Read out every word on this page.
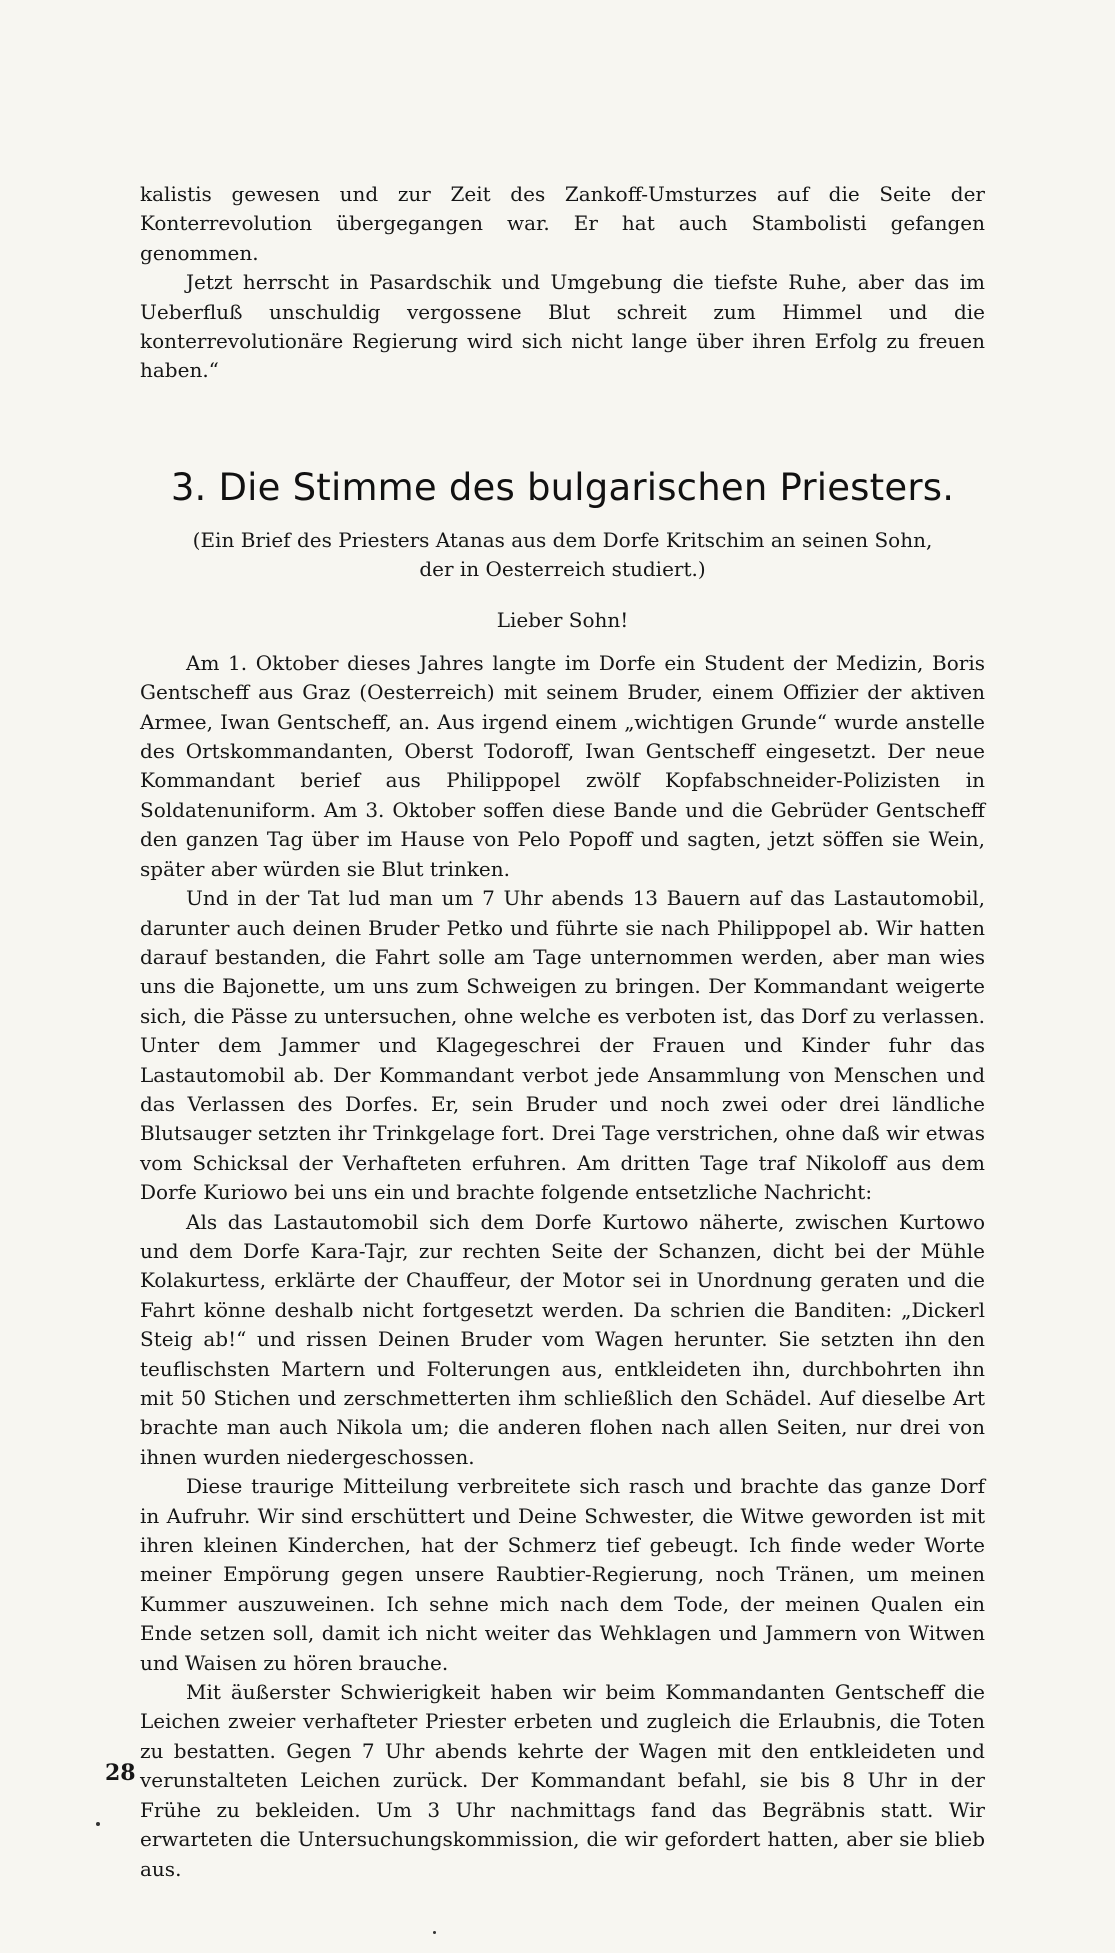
kalistis gewesen und zur Zeit des Zankoff-Umsturzes auf die Seite der Konterrevolution übergegangen war. Er hat auch Stambolisti gefangen genommen.

Jetzt herrscht in Pasardschik und Umgebung die tiefste Ruhe, aber das im Ueberfluß unschuldig vergossene Blut schreit zum Himmel und die konterrevolutionäre Regierung wird sich nicht lange über ihren Erfolg zu freuen haben.“

3. Die Stimme des bulgarischen Priesters.
(Ein Brief des Priesters Atanas aus dem Dorfe Kritschim an seinen Sohn,
der in Oesterreich studiert.)
Lieber Sohn!

Am 1. Oktober dieses Jahres langte im Dorfe ein Student der Medizin, Boris Gentscheff aus Graz (Oesterreich) mit seinem Bruder, einem Offizier der aktiven Armee, Iwan Gentscheff, an. Aus irgend einem „wichtigen Grunde“ wurde anstelle des Ortskommandanten, Oberst Todoroff, Iwan Gentscheff eingesetzt. Der neue Kommandant berief aus Philippopel zwölf Kopfabschneider-Polizisten in Soldatenuniform. Am 3. Oktober soffen diese Bande und die Gebrüder Gentscheff den ganzen Tag über im Hause von Pelo Popoff und sagten, jetzt söffen sie Wein, später aber würden sie Blut trinken.

Und in der Tat lud man um 7 Uhr abends 13 Bauern auf das Lastautomobil, darunter auch deinen Bruder Petko und führte sie nach Philippopel ab. Wir hatten darauf bestanden, die Fahrt solle am Tage unternommen werden, aber man wies uns die Bajonette, um uns zum Schweigen zu bringen. Der Kommandant weigerte sich, die Pässe zu untersuchen, ohne welche es verboten ist, das Dorf zu verlassen. Unter dem Jammer und Klagegeschrei der Frauen und Kinder fuhr das Lastautomobil ab. Der Kommandant verbot jede Ansammlung von Menschen und das Verlassen des Dorfes. Er, sein Bruder und noch zwei oder drei ländliche Blutsauger setzten ihr Trinkgelage fort. Drei Tage verstrichen, ohne daß wir etwas vom Schicksal der Verhafteten erfuhren. Am dritten Tage traf Nikoloff aus dem Dorfe Kuriowo bei uns ein und brachte folgende entsetzliche Nachricht:

Als das Lastautomobil sich dem Dorfe Kurtowo näherte, zwischen Kurtowo und dem Dorfe Kara-Tajr, zur rechten Seite der Schanzen, dicht bei der Mühle Kolakurtess, erklärte der Chauffeur, der Motor sei in Unordnung geraten und die Fahrt könne deshalb nicht fortgesetzt werden. Da schrien die Banditen: „Dickerl Steig ab!“ und rissen Deinen Bruder vom Wagen herunter. Sie setzten ihn den teuflischsten Martern und Folterungen aus, entkleideten ihn, durchbohrten ihn mit 50 Stichen und zerschmetterten ihm schließlich den Schädel. Auf dieselbe Art brachte man auch Nikola um; die anderen flohen nach allen Seiten, nur drei von ihnen wurden niedergeschossen.

Diese traurige Mitteilung verbreitete sich rasch und brachte das ganze Dorf in Aufruhr. Wir sind erschüttert und Deine Schwester, die Witwe geworden ist mit ihren kleinen Kinderchen, hat der Schmerz tief gebeugt. Ich finde weder Worte meiner Empörung gegen unsere Raubtier-Regierung, noch Tränen, um meinen Kummer auszuweinen. Ich sehne mich nach dem Tode, der meinen Qualen ein Ende setzen soll, damit ich nicht weiter das Wehklagen und Jammern von Witwen und Waisen zu hören brauche.

Mit äußerster Schwierigkeit haben wir beim Kommandanten Gentscheff die Leichen zweier verhafteter Priester erbeten und zugleich die Erlaubnis, die Toten zu bestatten. Gegen 7 Uhr abends kehrte der Wagen mit den entkleideten und verunstalteten Leichen zurück. Der Kommandant befahl, sie bis 8 Uhr in der Frühe zu bekleiden. Um 3 Uhr nachmittags fand das Begräbnis statt. Wir erwarteten die Untersuchungskommission, die wir gefordert hatten, aber sie blieb aus.

28
